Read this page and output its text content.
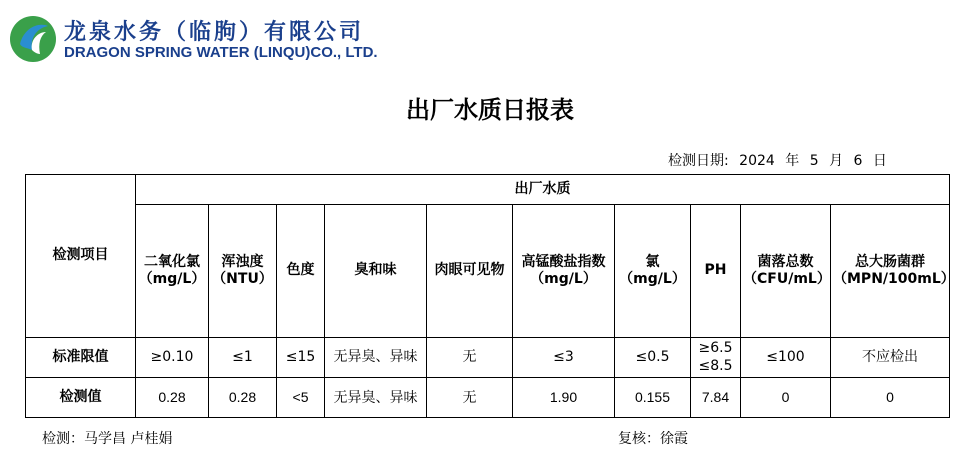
龙泉水务（临朐）有限公司
DRAGON SPRING WATER (LINQU)CO., LTD.
出厂水质日报表
检测日期: 2024 年 5 月 6 日
检测项目	出厂水质									
	二氧化氯（mg/L）	浑浊度（NTU）	色度	臭和味	肉眼可见物	高锰酸盐指数（mg/L）	氯（mg/L）	PH	菌落总数（CFU/mL）	总大肠菌群（MPN/100mL）
标准限值	≥0.10	≤1	≤15	无异臭、异味	无	≤3	≤0.5	≥6.5 ≤8.5	≤100	不应检出
检测值	0.28	0.28	<5	无异臭、异味	无	1.90	0.155	7.84	0	0
检测：马学昌 卢桂娟	复核：徐霞
